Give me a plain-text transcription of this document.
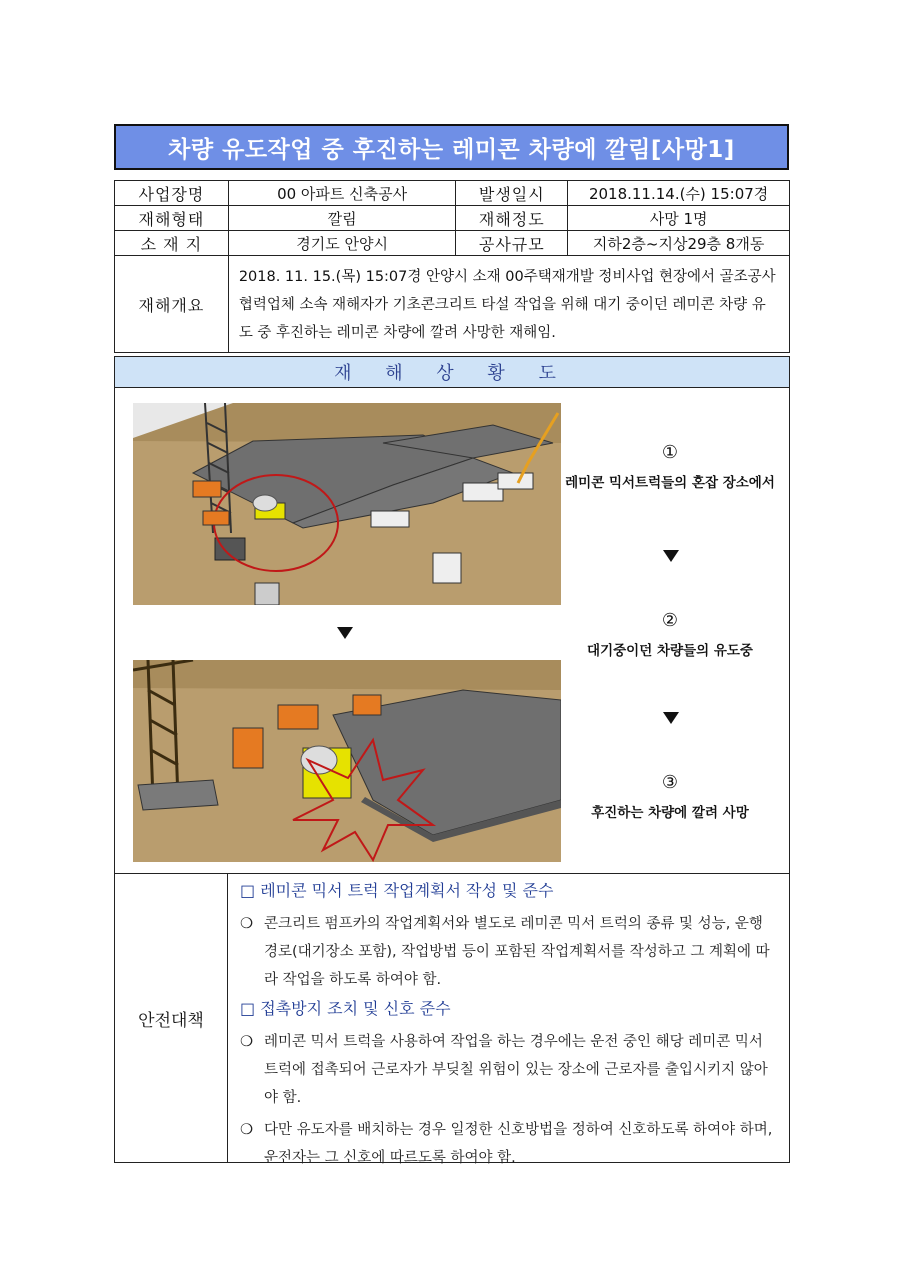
차량 유도작업 중 후진하는 레미콘 차량에 깔림[사망1]
사업장명	00 아파트 신축공사	발생일시	2018.11.14.(수) 15:07경
재해형태	깔림	재해정도	사망 1명
소 재 지	경기도 안양시	공사규모	지하2층~지상29층 8개동
재해개요	2018. 11. 15.(목) 15:07경 안양시 소재 00주택재개발 정비사업 현장에서 골조공사 협력업체 소속 재해자가 기초콘크리트 타설 작업을 위해 대기 중이던 레미콘 차량 유도 중 후진하는 레미콘 차량에 깔려 사망한 재해임.		
재 해 상 황 도
①
레미콘 믹서트럭들의 혼잡 장소에서
②
대기중이던 차량들의 유도중
③
후진하는 차량에 깔려 사망
안전대책

□ 레미콘 믹서 트럭 작업계획서 작성 및 준수

❍ 콘크리트 펌프카의 작업계획서와 별도로 레미콘 믹서 트럭의 종류 및 성능, 운행경로(대기장소 포함), 작업방법 등이 포함된 작업계획서를 작성하고 그 계획에 따라 작업을 하도록 하여야 함.

□ 접촉방지 조치 및 신호 준수

❍ 레미콘 믹서 트럭을 사용하여 작업을 하는 경우에는 운전 중인 해당 레미콘 믹서 트럭에 접촉되어 근로자가 부딪칠 위험이 있는 장소에 근로자를 출입시키지 않아야 함.
❍ 다만 유도자를 배치하는 경우 일정한 신호방법을 정하여 신호하도록 하여야 하며, 운전자는 그 신호에 따르도록 하여야 함.
